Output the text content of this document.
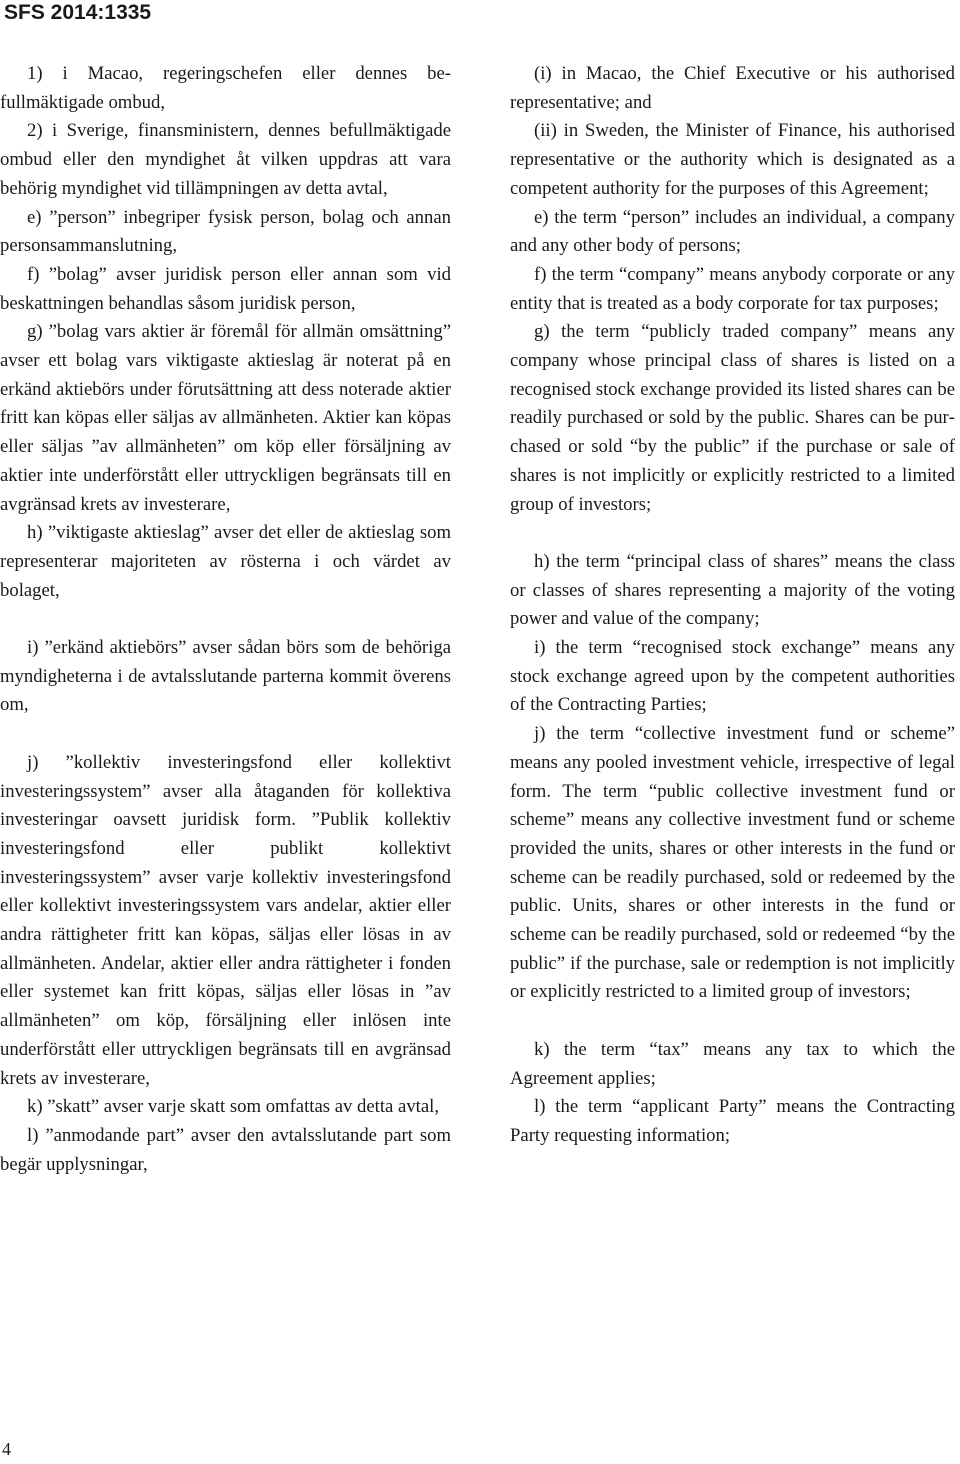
SFS 2014:1335

1) i Macao, regeringschefen eller dennes befullmäktigade ombud,

2) i Sverige, finansministern, dennes befullmäktigade ombud eller den myndighet åt vilken uppdras att vara behörig myndighet vid tillämpningen av detta avtal,

e) ”person” inbegriper fysisk person, bolag och annan personsammanslutning,

f) ”bolag” avser juridisk person eller annan som vid beskattningen behandlas såsom juridisk person,

g) ”bolag vars aktier är föremål för allmän omsättning” avser ett bolag vars viktigaste aktieslag är noterat på en erkänd aktiebörs under förutsättning att dess noterade aktier fritt kan köpas eller säljas av allmänheten. Aktier kan köpas eller säljas ”av allmänheten” om köp eller försäljning av aktier inte underförstått eller uttryckligen begränsats till en avgränsad krets av investerare,

h) ”viktigaste aktieslag” avser det eller de aktieslag som representerar majoriteten av rösterna i och värdet av bolaget,

i) ”erkänd aktiebörs” avser sådan börs som de behöriga myndigheterna i de avtalsslutande parterna kommit överens om,

j) ”kollektiv investeringsfond eller kollektivt investeringssystem” avser alla åtaganden för kollektiva investeringar oavsett juridisk form. ”Publik kollektiv investeringsfond eller publikt kollektivt investeringssystem” avser varje kollektiv investeringsfond eller kollektivt investeringssystem vars andelar, aktier eller andra rättigheter fritt kan köpas, säljas eller lösas in av allmänheten. Andelar, aktier eller andra rättigheter i fonden eller systemet kan fritt köpas, säljas eller lösas in ”av allmänheten” om köp, försäljning eller inlösen inte underförstått eller uttryckligen begränsats till en avgränsad krets av investerare,

k) ”skatt” avser varje skatt som omfattas av detta avtal,

l) ”anmodande part” avser den avtalsslutande part som begär upplysningar,

(i) in Macao, the Chief Executive or his authorised representative; and

(ii) in Sweden, the Minister of Finance, his authorised representative or the authority which is designated as a competent authority for the purposes of this Agreement;

e) the term “person” includes an individual, a company and any other body of persons;

f) the term “company” means anybody corporate or any entity that is treated as a body corporate for tax purposes;

g) the term “publicly traded company” means any company whose principal class of shares is listed on a recognised stock exchange provided its listed shares can be readily purchased or sold by the public. Shares can be purchased or sold “by the public” if the purchase or sale of shares is not implicitly or explicitly restricted to a limited group of investors;

h) the term “principal class of shares” means the class or classes of shares representing a majority of the voting power and value of the company;

i) the term “recognised stock exchange” means any stock exchange agreed upon by the competent authorities of the Contracting Parties;

j) the term “collective investment fund or scheme” means any pooled investment vehicle, irrespective of legal form. The term “public collective investment fund or scheme” means any collective investment fund or scheme provided the units, shares or other interests in the fund or scheme can be readily purchased, sold or redeemed by the public. Units, shares or other interests in the fund or scheme can be readily purchased, sold or redeemed “by the public” if the purchase, sale or redemption is not implicitly or explicitly restricted to a limited group of investors;

k) the term “tax” means any tax to which the Agreement applies;

l) the term “applicant Party” means the Contracting Party requesting information;

4
